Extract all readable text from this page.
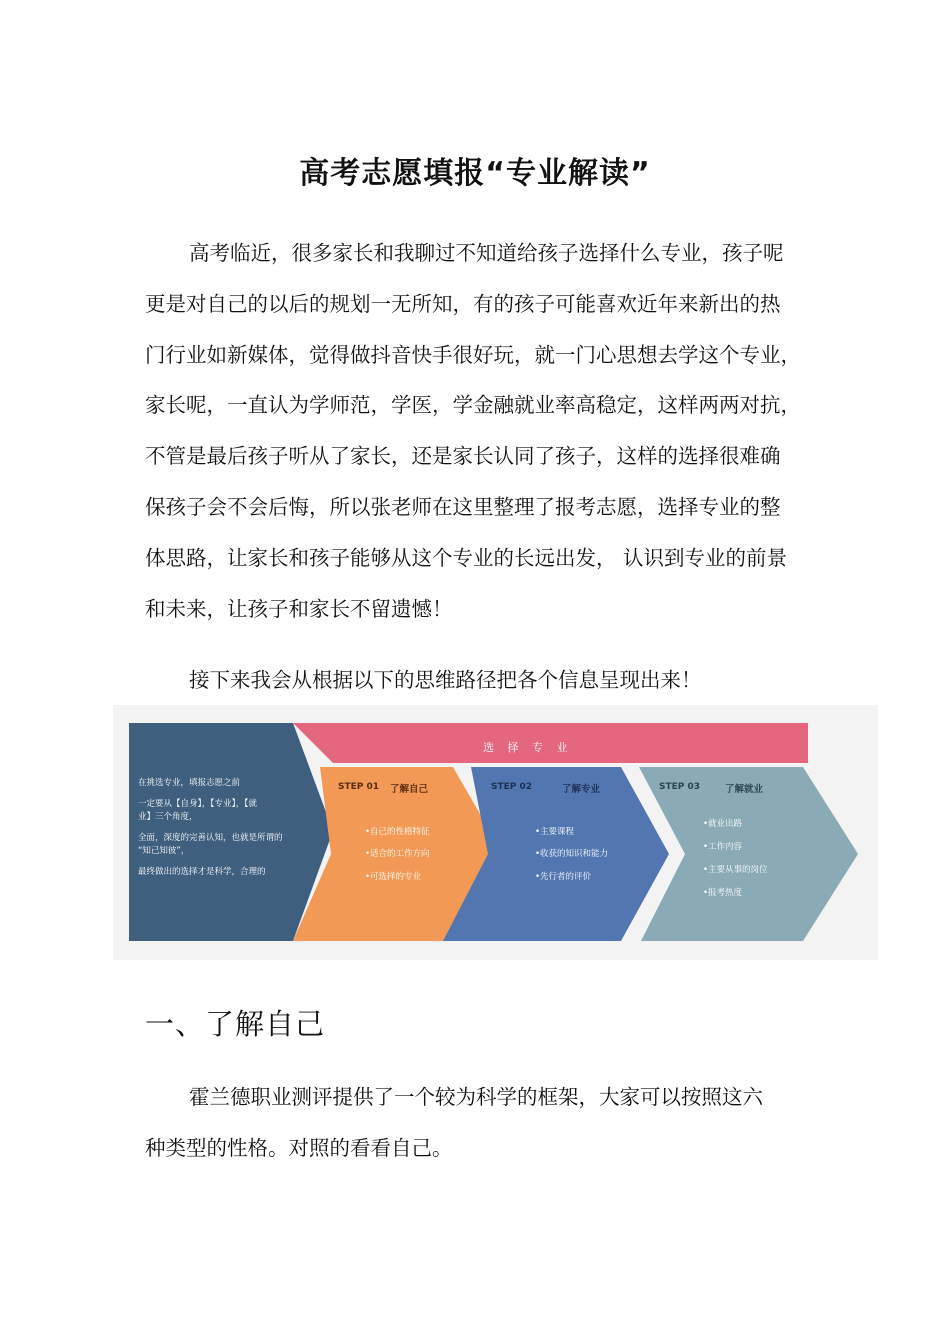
高考志愿填报“专业解读”
高考临近，很多家长和我聊过不知道给孩子选择什么专业，孩子呢
更是对自己的以后的规划一无所知，有的孩子可能喜欢近年来新出的热
门行业如新媒体，觉得做抖音快手很好玩，就一门心思想去学这个专业，
家长呢，一直认为学师范，学医，学金融就业率高稳定，这样两两对抗，
不管是最后孩子听从了家长，还是家长认同了孩子，这样的选择很难确
保孩子会不会后悔，所以张老师在这里整理了报考志愿，选择专业的整
体思路，让家长和孩子能够从这个专业的长远出发， 认识到专业的前景
和未来，让孩子和家长不留遗憾！
接下来我会从根据以下的思维路径把各个信息呈现出来！
选 择 专 业
在挑选专业，填报志愿之前
一定要从【自身】，【专业】，【就
业】三个角度，
全面，深度的完善认知，也就是所谓的
“知己知彼”，
最终做出的选择才是科学，合理的
STEP 01 了解自己
•自己的性格特征
•适合的工作方向
•可选择的专业
STEP 02	了解专业
•主要课程
•收获的知识和能力
•先行者的评价
STEP 03	了解就业
•就业出路
•工作内容
•主要从事的岗位
•报考热度
一、了解自己
霍兰德职业测评提供了一个较为科学的框架，大家可以按照这六
种类型的性格。对照的看看自己。
